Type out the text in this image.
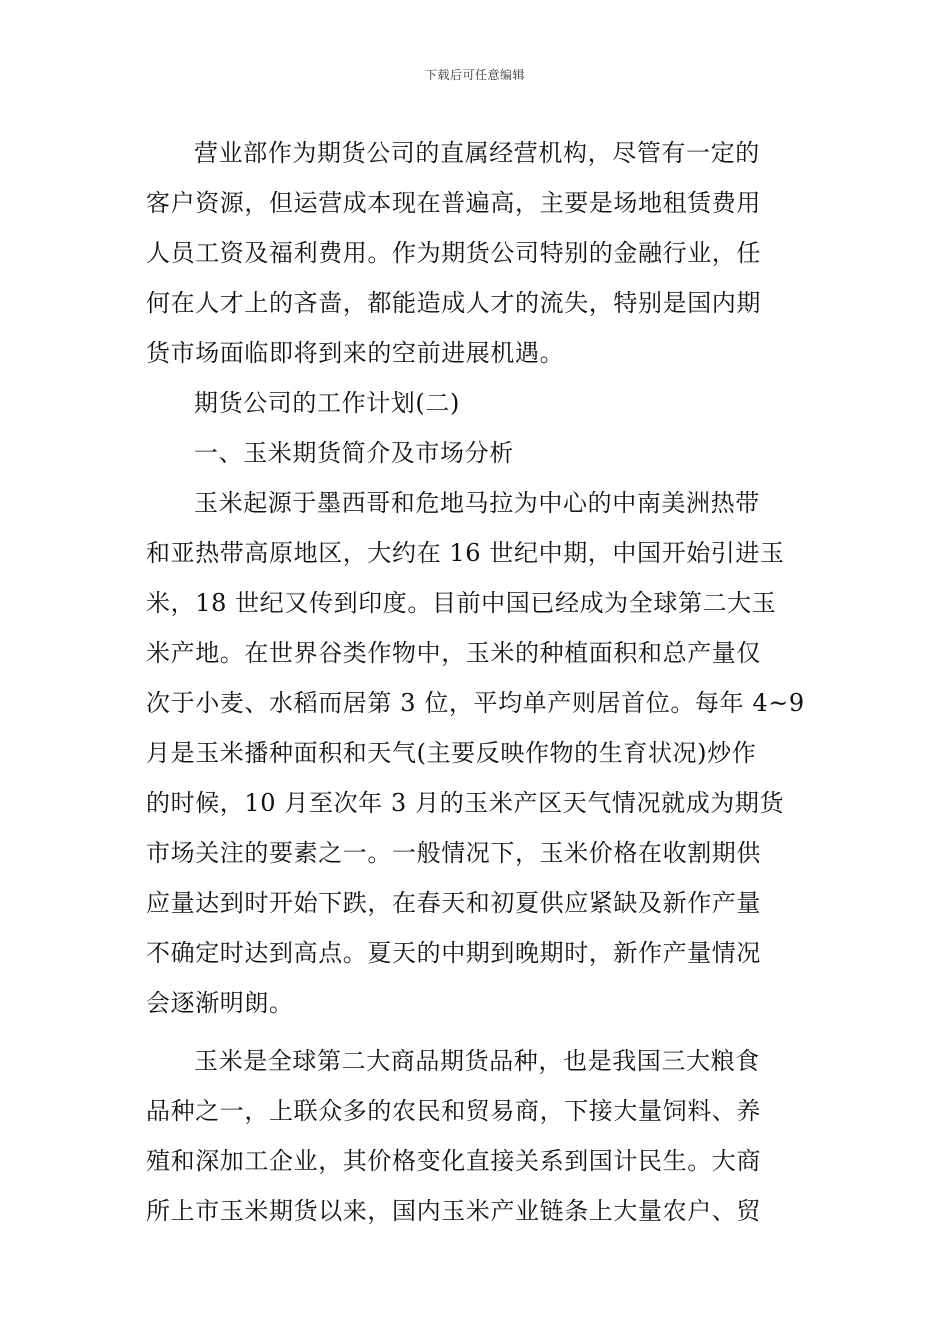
下载后可任意编辑
营业部作为期货公司的直属经营机构，尽管有一定的
客户资源，但运营成本现在普遍高，主要是场地租赁费用
人员工资及福利费用。作为期货公司特别的金融行业，任
何在人才上的吝啬，都能造成人才的流失，特别是国内期
货市场面临即将到来的空前进展机遇。
期货公司的工作计划(二)
一、玉米期货简介及市场分析
玉米起源于墨西哥和危地马拉为中心的中南美洲热带
和亚热带高原地区，大约在 16 世纪中期，中国开始引进玉
米，18 世纪又传到印度。目前中国已经成为全球第二大玉
米产地。在世界谷类作物中，玉米的种植面积和总产量仅
次于小麦、水稻而居第 3 位，平均单产则居首位。每年 4~9
月是玉米播种面积和天气(主要反映作物的生育状况)炒作
的时候，10 月至次年 3 月的玉米产区天气情况就成为期货
市场关注的要素之一。一般情况下，玉米价格在收割期供
应量达到时开始下跌，在春天和初夏供应紧缺及新作产量
不确定时达到高点。夏天的中期到晚期时，新作产量情况
会逐渐明朗。
玉米是全球第二大商品期货品种，也是我国三大粮食
品种之一，上联众多的农民和贸易商，下接大量饲料、养
殖和深加工企业，其价格变化直接关系到国计民生。大商
所上市玉米期货以来，国内玉米产业链条上大量农户、贸
